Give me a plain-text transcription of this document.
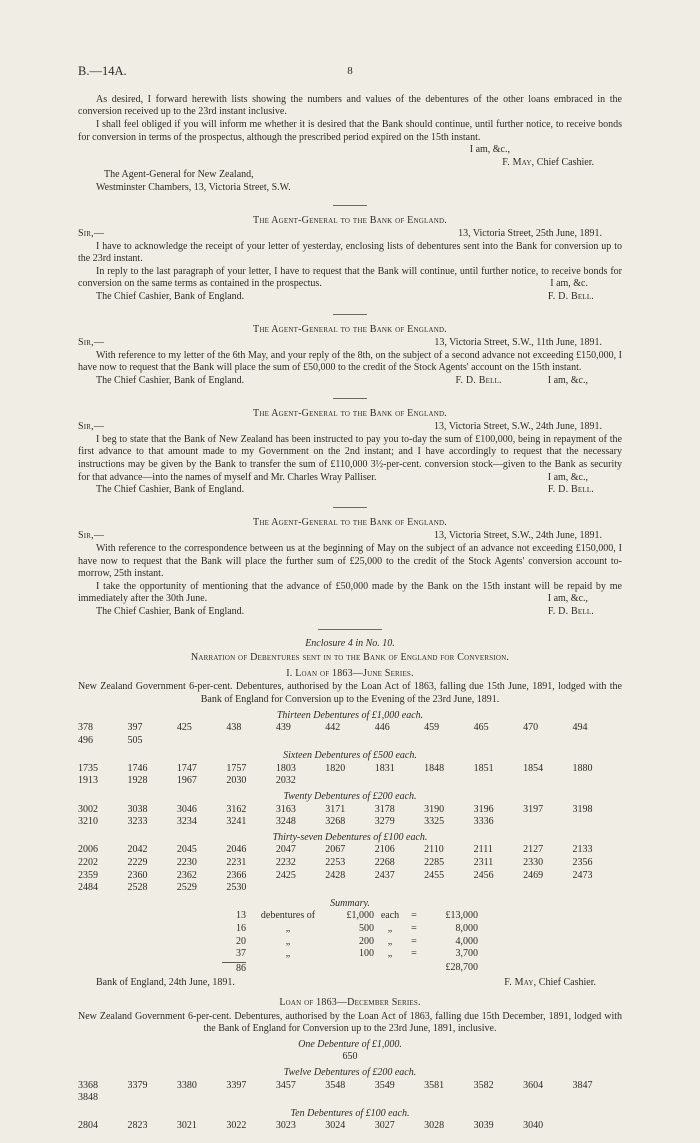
B.—14A.	8

As desired, I forward herewith lists showing the numbers and values of the debentures of the other loans embraced in the conversion received up to the 23rd instant inclusive.

I shall feel obliged if you will inform me whether it is desired that the Bank should continue, until further notice, to receive bonds for conversion in terms of the prospectus, although the prescribed period expired on the 15th instant.

I am, &c.,
F. May, Chief Cashier.
The Agent-General for New Zealand,
Westminster Chambers, 13, Victoria Street, S.W.
The Agent-General to the Bank of England.
Sir,—	13, Victoria Street, 25th June, 1891.

I have to acknowledge the receipt of your letter of yesterday, enclosing lists of debentures sent into the Bank for conversion up to the 23rd instant.

In reply to the last paragraph of your letter, I have to request that the Bank will continue, until further notice, to receive bonds for conversion on the same terms as contained in the prospectus.	I am, &c.

The Chief Cashier, Bank of England.	F. D. Bell.
The Agent-General to the Bank of England.
Sir,—	13, Victoria Street, S.W., 11th June, 1891.

With reference to my letter of the 6th May, and your reply of the 8th, on the subject of a second advance not exceeding £150,000, I have now to request that the Bank will place the sum of £50,000 to the credit of the Stock Agents' account on the 15th instant.
I am, &c.,

The Chief Cashier, Bank of England.	F. D. Bell.
The Agent-General to the Bank of England.
Sir,—	13, Victoria Street, S.W., 24th June, 1891.

I beg to state that the Bank of New Zealand has been instructed to pay you to-day the sum of £100,000, being in repayment of the first advance to that amount made to my Government on the 2nd instant; and I have accordingly to request that the necessary instructions may be given by the Bank to transfer the sum of £110,000 3½-per-cent. conversion stock—given to the Bank as security for that advance—into the names of myself and Mr. Charles Wray Palliser.	I am, &c.,

The Chief Cashier, Bank of England.	F. D. Bell.
The Agent-General to the Bank of England.
Sir,—	13, Victoria Street, S.W., 24th June, 1891.

With reference to the correspondence between us at the beginning of May on the subject of an advance not exceeding £150,000, I have now to request that the Bank will place the further sum of £25,000 to the credit of the Stock Agents' conversion account to-morrow, 25th instant.

I take the opportunity of mentioning that the advance of £50,000 made by the Bank on the 15th instant will be repaid by me immediately after the 30th June.	I am, &c.,

The Chief Cashier, Bank of England.	F. D. Bell.
Enclosure 4 in No. 10.
Narration of Debentures sent in to the Bank of England for Conversion.
I. Loan of 1863—June Series.

New Zealand Government 6-per-cent. Debentures, authorised by the Loan Act of 1863, falling due 15th June, 1891, lodged with the Bank of England for Conversion up to the Evening of the 23rd June, 1891.

Thirteen Debentures of £1,000 each.
378	397	425	438	439	442	446	459	465	470	494
496	505
Sixteen Debentures of £500 each.
1735	1746	1747	1757	1803	1820	1831	1848	1851	1854	1880
1913	1928	1967	2030	2032
Twenty Debentures of £200 each.
3002	3038	3046	3162	3163	3171	3178	3190	3196	3197	3198
3210	3233	3234	3241	3248	3268	3279	3325	3336
Thirty-seven Debentures of £100 each.
2006	2042	2045	2046	2047	2067	2106	2110	2111	2127	2133
2202	2229	2230	2231	2232	2253	2268	2285	2311	2330	2356
2359	2360	2362	2366	2425	2428	2437	2455	2456	2469	2473
2484	2528	2529	2530
Summary.
13	debentures of	£1,000 each	=	£13,000
16	„	500	„	=	8,000
20	„	200	„	=	4,000
37	„	100	„	=	3,700
86	£28,700
Bank of England, 24th June, 1891.	F. May, Chief Cashier.
Loan of 1863—December Series.

New Zealand Government 6-per-cent. Debentures, authorised by the Loan Act of 1863, falling due 15th December, 1891, lodged with the Bank of England for Conversion up to the 23rd June, 1891, inclusive.

One Debenture of £1,000.
650
Twelve Debentures of £200 each.
3368	3379	3380	3397	3457	3548	3549	3581	3582	3604	3847
3848
Ten Debentures of £100 each.
2804	2823	3021	3022	3023	3024	3027	3028	3039	3040
